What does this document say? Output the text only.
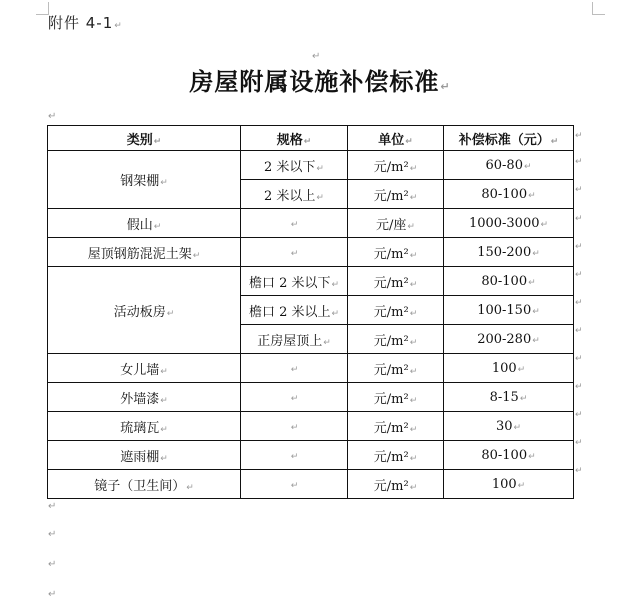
附件 4-1↵
↵
房屋附属设施补偿标准↵
↵
类别↵	规格↵	单位↵	补偿标准（元）↵
钢架棚↵	2 米以下↵	元/m²↵	60-80↵
	2 米以上↵	元/m²↵	80-100↵
假山↵	↵	元/座↵	1000-3000↵
屋顶钢筋混泥土架↵	↵	元/m²↵	150-200↵
活动板房↵	檐口 2 米以下↵	元/m²↵	80-100↵
	檐口 2 米以上↵	元/m²↵	100-150↵
	正房屋顶上↵	元/m²↵	200-280↵
女儿墙↵	↵	元/m²↵	100↵
外墙漆↵	↵	元/m²↵	8-15↵
琉璃瓦↵	↵	元/m²↵	30↵
遮雨棚↵	↵	元/m²↵	80-100↵
镜子（卫生间）↵	↵	元/m²↵	100↵
↵
↵
↵
↵
↵
↵
↵
↵
↵
↵
↵
↵
↵
↵
↵
↵
↵
